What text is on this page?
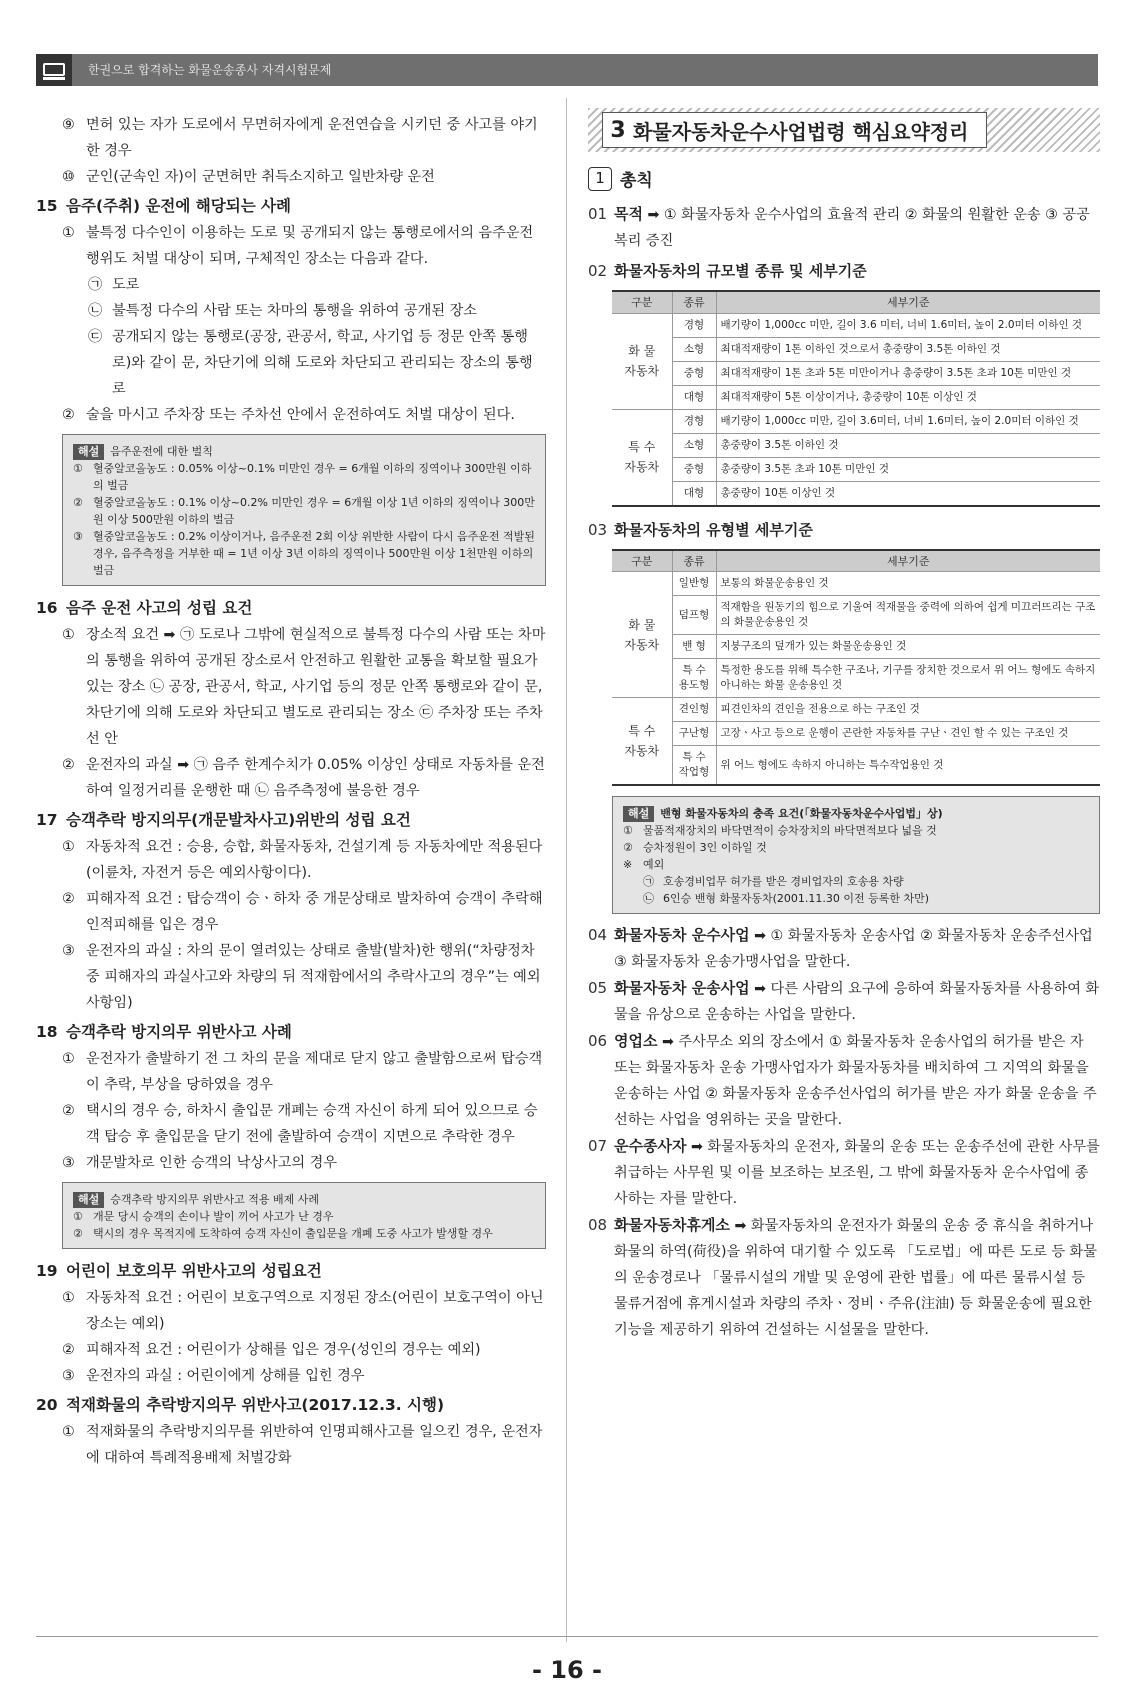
한권으로 합격하는 화물운송종사 자격시험문제
⑨ 면허 있는 자가 도로에서 무면허자에게 운전연습을 시키던 중 사고를 야기한 경우
⑩ 군인(군속인 자)이 군면허만 취득소지하고 일반차량 운전
15 음주(주취) 운전에 해당되는 사례
① 불특정 다수인이 이용하는 도로 및 공개되지 않는 통행로에서의 음주운전 행위도 처벌 대상이 되며, 구체적인 장소는 다음과 같다.
㉠ 도로
㉡ 불특정 다수의 사람 또는 차마의 통행을 위하여 공개된 장소
㉢ 공개되지 않는 통행로(공장, 관공서, 학교, 사기업 등 정문 안쪽 통행로)와 같이 문, 차단기에 의해 도로와 차단되고 관리되는 장소의 통행로
② 술을 마시고 주차장 또는 주차선 안에서 운전하여도 처벌 대상이 된다.
해설 음주운전에 대한 벌칙
① 혈중알코올농도 : 0.05% 이상~0.1% 미만인 경우 = 6개월 이하의 징역이나 300만원 이하의 벌금
② 혈중알코올농도 : 0.1% 이상~0.2% 미만인 경우 = 6개월 이상 1년 이하의 징역이나 300만원 이상 500만원 이하의 벌금
③ 혈중알코올농도 : 0.2% 이상이거나, 음주운전 2회 이상 위반한 사람이 다시 음주운전 적발된 경우, 음주측정을 거부한 때 = 1년 이상 3년 이하의 징역이나 500만원 이상 1천만원 이하의 벌금
16 음주 운전 사고의 성립 요건
① 장소적 요건 ➡ ㉠ 도로나 그밖에 현실적으로 불특정 다수의 사람 또는 차마의 통행을 위하여 공개된 장소로서 안전하고 원활한 교통을 확보할 필요가 있는 장소 ㉡ 공장, 관공서, 학교, 사기업 등의 정문 안쪽 통행로와 같이 문, 차단기에 의해 도로와 차단되고 별도로 관리되는 장소 ㉢ 주차장 또는 주차선 안
② 운전자의 과실 ➡ ㉠ 음주 한계수치가 0.05% 이상인 상태로 자동차를 운전하여 일정거리를 운행한 때 ㉡ 음주측정에 불응한 경우
17 승객추락 방지의무(개문발차사고)위반의 성립 요건
① 자동차적 요건 : 승용, 승합, 화물자동차, 건설기계 등 자동차에만 적용된다(이륜차, 자전거 등은 예외사항이다).
② 피해자적 요건 : 탑승객이 승ㆍ하차 중 개문상태로 발차하여 승객이 추락해 인적피해를 입은 경우
③ 운전자의 과실 : 차의 문이 열려있는 상태로 출발(발차)한 행위(“차량정차 중 피해자의 과실사고와 차량의 뒤 적재함에서의 추락사고의 경우”는 예외사항임)
18 승객추락 방지의무 위반사고 사례
① 운전자가 출발하기 전 그 차의 문을 제대로 닫지 않고 출발함으로써 탑승객이 추락, 부상을 당하였을 경우
② 택시의 경우 승, 하차시 출입문 개폐는 승객 자신이 하게 되어 있으므로 승객 탑승 후 출입문을 닫기 전에 출발하여 승객이 지면으로 추락한 경우
③ 개문발차로 인한 승객의 낙상사고의 경우
해설 승객추락 방지의무 위반사고 적용 배제 사례
① 개문 당시 승객의 손이나 발이 끼어 사고가 난 경우
② 택시의 경우 목적지에 도착하여 승객 자신이 출입문을 개폐 도중 사고가 발생할 경우
19 어린이 보호의무 위반사고의 성립요건
① 자동차적 요건 : 어린이 보호구역으로 지정된 장소(어린이 보호구역이 아닌 장소는 예외)
② 피해자적 요건 : 어린이가 상해를 입은 경우(성인의 경우는 예외)
③ 운전자의 과실 : 어린이에게 상해를 입힌 경우
20 적재화물의 추락방지의무 위반사고(2017.12.3. 시행)
① 적재화물의 추락방지의무를 위반하여 인명피해사고를 일으킨 경우, 운전자에 대하여 특례적용배제 처벌강화
3 화물자동차운수사업법령 핵심요약정리
1 총칙
01 목적 ➡ ① 화물자동차 운수사업의 효율적 관리 ② 화물의 원활한 운송 ③ 공공복리 증진
02 화물자동차의 규모별 종류 및 세부기준
구분	종류	세부기준
화 물
자동차	경형	배기량이 1,000cc 미만, 길이 3.6 미터, 너비 1.6미터, 높이 2.0미터 이하인 것
	소형	최대적재량이 1톤 이하인 것으로서 총중량이 3.5톤 이하인 것
	중형	최대적재량이 1톤 초과 5톤 미만이거나 총중량이 3.5톤 초과 10톤 미만인 것
	대형	최대적재량이 5톤 이상이거나, 총중량이 10톤 이상인 것
특 수
자동차	경형	배기량이 1,000cc 미만, 길이 3.6미터, 너비 1.6미터, 높이 2.0미터 이하인 것
	소형	총중량이 3.5톤 이하인 것
	중형	총중량이 3.5톤 초과 10톤 미만인 것
	대형	총중량이 10톤 이상인 것
03 화물자동차의 유형별 세부기준
구분	종류	세부기준
화 물
자동차	일반형	보통의 화물운송용인 것
	덤프형	적재함을 원동기의 힘으로 기울여 적재물을 중력에 의하여 쉽게 미끄러뜨리는 구조의 화물운송용인 것
	밴 형	지붕구조의 덮개가 있는 화물운송용인 것
	특 수
용도형	특정한 용도를 위해 특수한 구조나, 기구를 장치한 것으로서 위 어느 형에도 속하지 아니하는 화물 운송용인 것
특 수
자동차	견인형	피견인차의 견인을 전용으로 하는 구조인 것
	구난형	고장ㆍ사고 등으로 운행이 곤란한 자동차를 구난ㆍ견인 할 수 있는 구조인 것
	특 수
작업형	위 어느 형에도 속하지 아니하는 특수작업용인 것
해설 밴형 화물자동차의 충족 요건(「화물자동차운수사업법」상)
① 물품적재장치의 바닥면적이 승차장치의 바닥면적보다 넓을 것
② 승차정원이 3인 이하일 것
※ 예외
㉠ 호송경비업무 허가를 받은 경비업자의 호송용 차량
㉡ 6인승 밴형 화물자동차(2001.11.30 이전 등록한 차만)
04 화물자동차 운수사업 ➡ ① 화물자동차 운송사업 ② 화물자동차 운송주선사업 ③ 화물자동차 운송가맹사업을 말한다.
05 화물자동차 운송사업 ➡ 다른 사람의 요구에 응하여 화물자동차를 사용하여 화물을 유상으로 운송하는 사업을 말한다.
06 영업소 ➡ 주사무소 외의 장소에서 ① 화물자동차 운송사업의 허가를 받은 자 또는 화물자동차 운송 가맹사업자가 화물자동차를 배치하여 그 지역의 화물을 운송하는 사업 ② 화물자동차 운송주선사업의 허가를 받은 자가 화물 운송을 주선하는 사업을 영위하는 곳을 말한다.
07 운수종사자 ➡ 화물자동차의 운전자, 화물의 운송 또는 운송주선에 관한 사무를 취급하는 사무원 및 이를 보조하는 보조원, 그 밖에 화물자동차 운수사업에 종사하는 자를 말한다.
08 화물자동차휴게소 ➡ 화물자동차의 운전자가 화물의 운송 중 휴식을 취하거나 화물의 하역(荷役)을 위하여 대기할 수 있도록 「도로법」에 따른 도로 등 화물의 운송경로나 「물류시설의 개발 및 운영에 관한 법률」에 따른 물류시설 등 물류거점에 휴게시설과 차량의 주차ㆍ정비ㆍ주유(注油) 등 화물운송에 필요한 기능을 제공하기 위하여 건설하는 시설물을 말한다.
- 16 -
